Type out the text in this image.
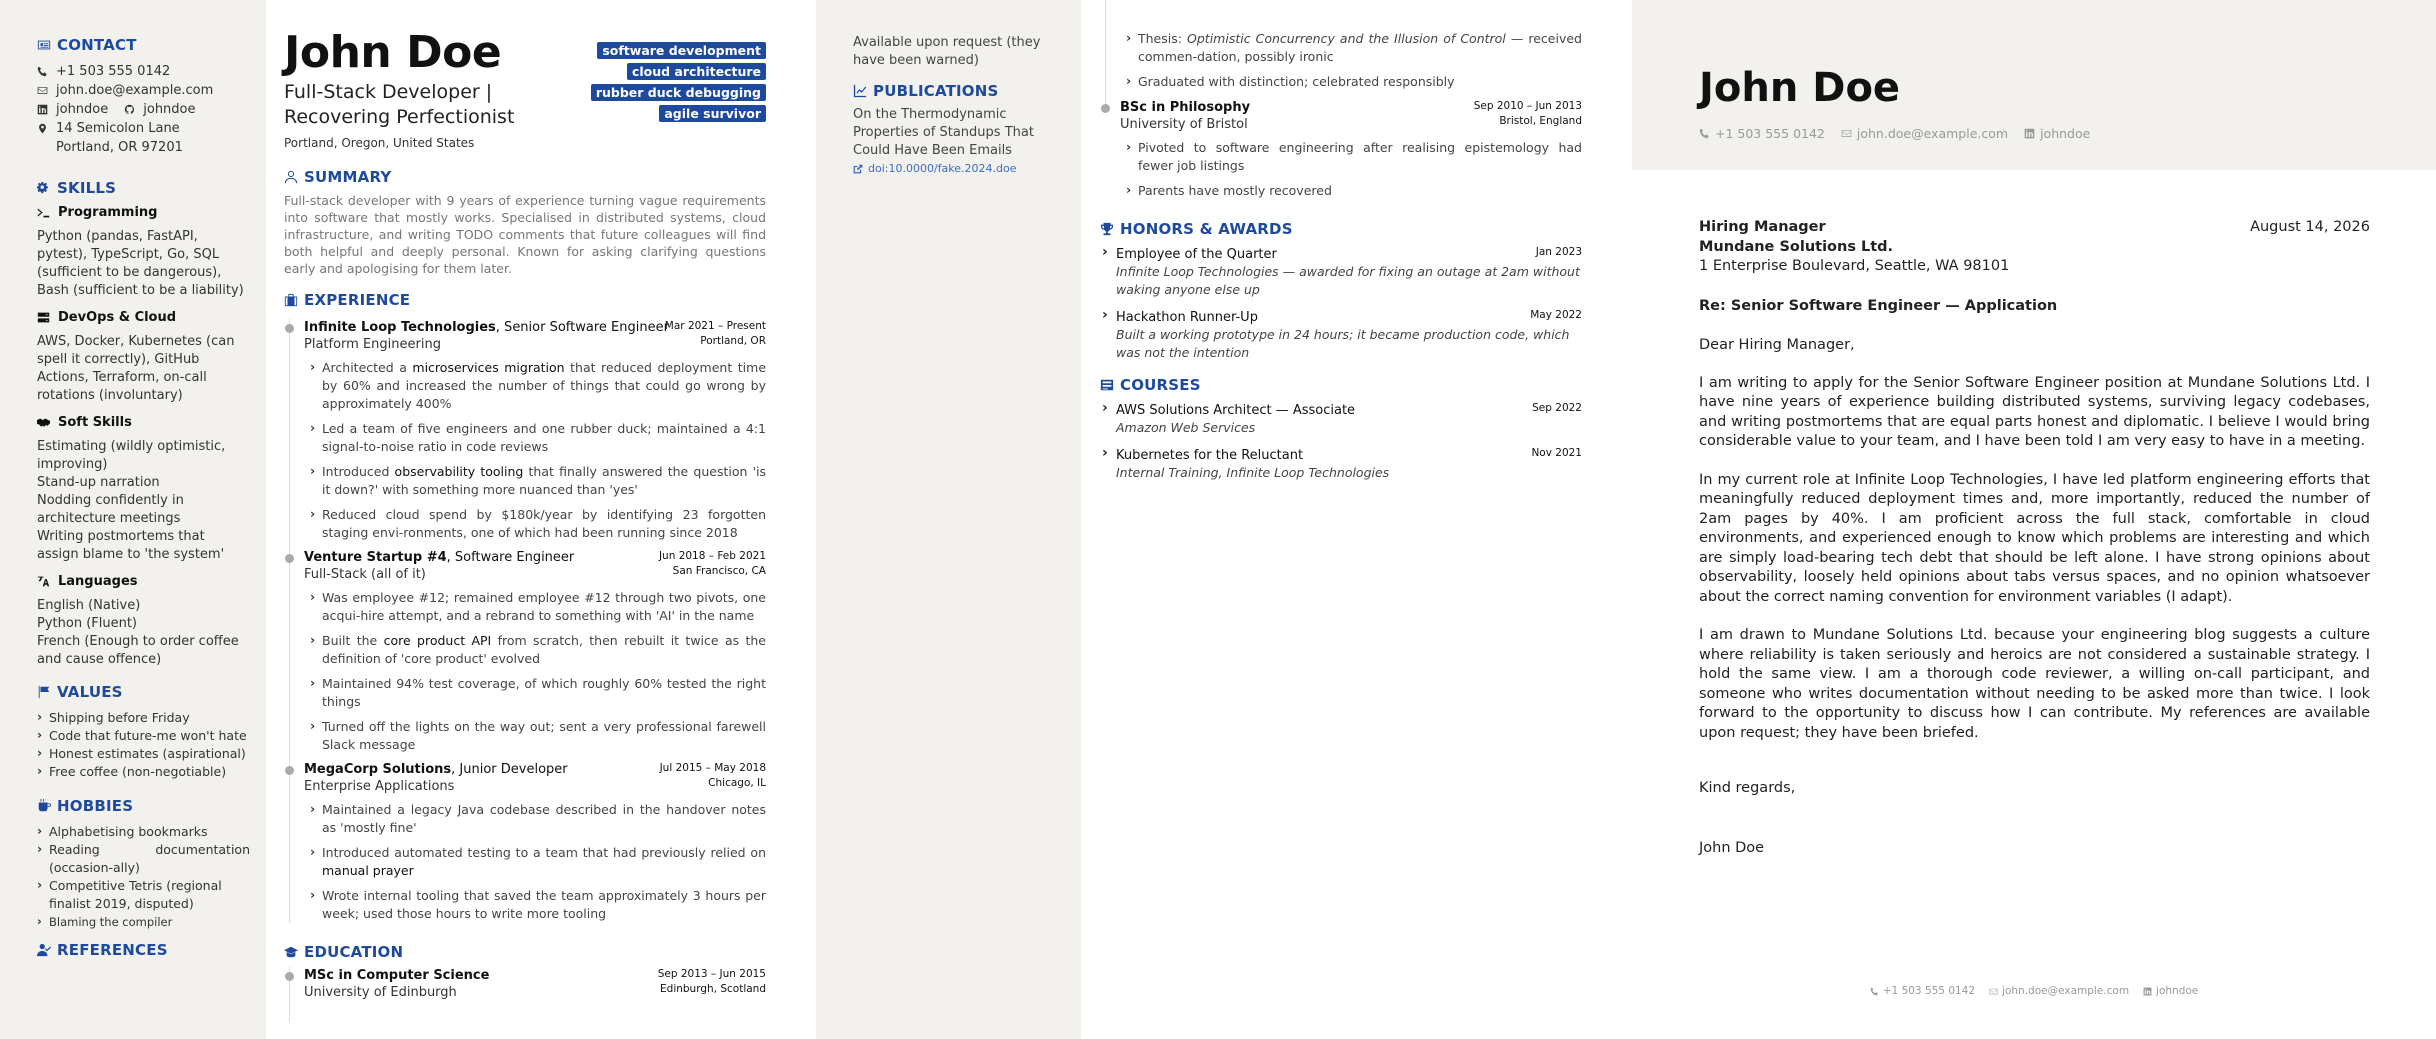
CONTACT
+1 503 555 0142
john.doe@example.com
johndoe	johndoe
14 Semicolon Lane
Portland, OR 97201
SKILLS
Programming
Python (pandas, FastAPI, pytest), TypeScript, Go, SQL (sufficient to be dangerous), Bash (sufficient to be a liability)
DevOps & Cloud
AWS, Docker, Kubernetes (can spell it correctly), GitHub Actions, Terraform, on-call rotations (involuntary)
Soft Skills
Estimating (wildly optimistic, improving)
Stand-up narration
Nodding confidently in architecture meetings
Writing postmortems that assign blame to 'the system'
Languages
English (Native)
Python (Fluent)
French (Enough to order coffee and cause offence)
VALUES
› Shipping before Friday
› Code that future-me won't hate
› Honest estimates (aspirational)
› Free coffee (non-negotiable)
HOBBIES
› Alphabetising bookmarks
› Reading documentation (occasion-ally)
› Competitive Tetris (regional finalist 2019, disputed)
› Blaming the compiler
REFERENCES
John Doe
Full-Stack Developer | Recovering Perfectionist
Portland, Oregon, United States
software development
cloud architecture
rubber duck debugging
agile survivor
SUMMARY
Full-stack developer with 9 years of experience turning vague requirements into software that mostly works. Specialised in distributed systems, cloud infrastructure, and writing TODO comments that future colleagues will find both helpful and deeply personal. Known for asking clarifying questions early and apologising for them later.
EXPERIENCE
Infinite Loop Technologies, Senior Software Engineer
Mar 2021 – Present
Portland, OR
Platform Engineering
› Architected a microservices migration that reduced deployment time by 60% and increased the number of things that could go wrong by approximately 400%
› Led a team of five engineers and one rubber duck; maintained a 4:1 signal-to-noise ratio in code reviews
› Introduced observability tooling that finally answered the question 'is it down?' with something more nuanced than 'yes'
› Reduced cloud spend by $180k/year by identifying 23 forgotten staging envi-ronments, one of which had been running since 2018
Venture Startup #4, Software Engineer	Jun 2018 – Feb 2021
San Francisco, CA
Full-Stack (all of it)
› Was employee #12; remained employee #12 through two pivots, one acqui-hire attempt, and a rebrand to something with 'AI' in the name
› Built the core product API from scratch, then rebuilt it twice as the definition of 'core product' evolved
› Maintained 94% test coverage, of which roughly 60% tested the right things
› Turned off the lights on the way out; sent a very professional farewell Slack message
MegaCorp Solutions, Junior Developer	Jul 2015 – May 2018
Chicago, IL
Enterprise Applications
› Maintained a legacy Java codebase described in the handover notes as 'mostly fine'
› Introduced automated testing to a team that had previously relied on manual prayer
› Wrote internal tooling that saved the team approximately 3 hours per week; used those hours to write more tooling
EDUCATION
MSc in Computer Science	Sep 2013 – Jun 2015
Edinburgh, Scotland
University of Edinburgh
Available upon request (they have been warned)
PUBLICATIONS
On the Thermodynamic Properties of Standups That Could Have Been Emails
doi:10.0000/fake.2024.doe
› Thesis: Optimistic Concurrency and the Illusion of Control — received commen-dation, possibly ironic
› Graduated with distinction; celebrated responsibly
BSc in Philosophy	Sep 2010 – Jun 2013
Bristol, England
University of Bristol
› Pivoted to software engineering after realising epistemology had fewer job listings
› Parents have mostly recovered
HONORS & AWARDS
› Employee of the Quarter	Jan 2023
Infinite Loop Technologies — awarded for fixing an outage at 2am without waking anyone else up
› Hackathon Runner-Up	May 2022
Built a working prototype in 24 hours; it became production code, which was not the intention
COURSES
› AWS Solutions Architect — Associate	Sep 2022
Amazon Web Services
› Kubernetes for the Reluctant	Nov 2021
Internal Training, Infinite Loop Technologies
John Doe
+1 503 555 0142	john.doe@example.com	johndoe
Hiring Manager
Mundane Solutions Ltd.
1 Enterprise Boulevard, Seattle, WA 98101
August 14, 2026
Re: Senior Software Engineer — Application
Dear Hiring Manager,

I am writing to apply for the Senior Software Engineer position at Mundane Solutions Ltd. I have nine years of experience building distributed systems, surviving legacy codebases, and writing postmortems that are equal parts honest and diplomatic. I believe I would bring considerable value to your team, and I have been told I am very easy to have in a meeting.

In my current role at Infinite Loop Technologies, I have led platform engineering efforts that meaningfully reduced deployment times and, more importantly, reduced the number of 2am pages by 40%. I am proficient across the full stack, comfortable in cloud environments, and experienced enough to know which problems are interesting and which are simply load-bearing tech debt that should be left alone. I have strong opinions about observability, loosely held opinions about tabs versus spaces, and no opinion whatsoever about the correct naming convention for environment variables (I adapt).

I am drawn to Mundane Solutions Ltd. because your engineering blog suggests a culture where reliability is taken seriously and heroics are not considered a sustainable strategy. I hold the same view. I am a thorough code reviewer, a willing on-call participant, and someone who writes documentation without needing to be asked more than twice. I look forward to the opportunity to discuss how I can contribute. My references are available upon request; they have been briefed.

Kind regards,
John Doe
+1 503 555 0142	john.doe@example.com	johndoe
